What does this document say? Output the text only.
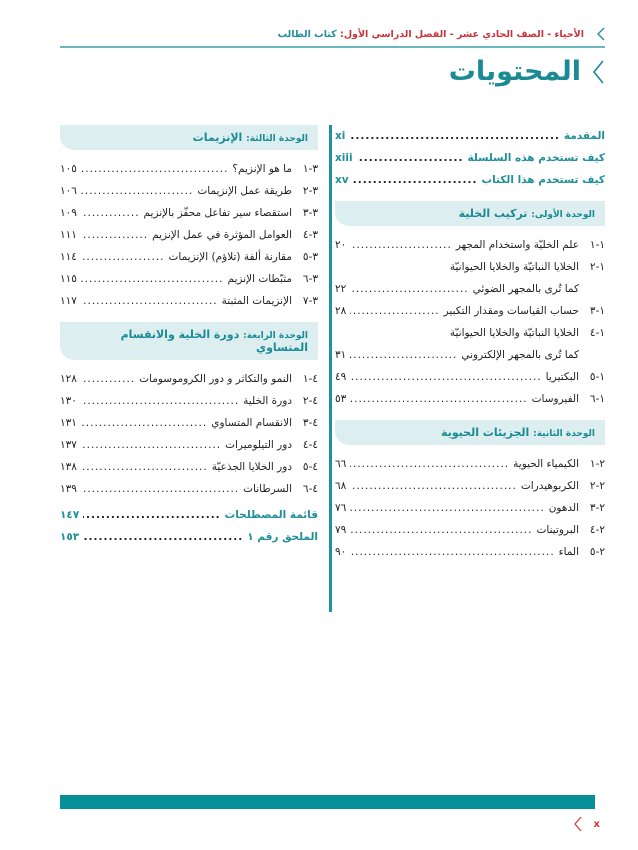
الأحياء - الصف الحادي عشر - الفصل الدراسي الأول: كتاب الطالب
المحتويات
المقدمة
.....
xi
كيف تستخدم هذه السلسلة
.....
xiii
كيف تستخدم هذا الكتاب
.....
xv
الوحدة الأولى: تركيب الخلية
١-١
علم الخليّة واستخدام المجهر
.....
٢٠
١-٢
الخلايا النباتيّة والخلايا الحيوانيّة
كما تُرى بالمجهر الضوئي
.....
٢٢
١-٣
حساب القياسات ومقدار التكبير
.....
٢٨
١-٤
الخلايا النباتيّة والخلايا الحيوانيّة
كما تُرى بالمجهر الإلكتروني
.....
٣١
١-٥
البكتيريا
.....
٤٩
١-٦
الفيروسات
.....
٥٣
الوحدة الثانية: الجزيئات الحيوية
٢-١
الكيمياء الحيوية
.....
٦٦
٢-٢
الكربوهيدرات
.....
٦٨
٢-٣
الدهون
.....
٧٦
٢-٤
البروتينات
.....
٧٩
٢-٥
الماء
.....
٩٠
الوحدة الثالثة: الإنزيمات
٣-١
ما هو الإنزيم؟
.....
١٠٥
٣-٢
طريقة عمل الإنزيمات
.....
١٠٦
٣-٣
استقصاء سير تفاعل محفّز بالإنزيم
.....
١٠٩
٣-٤
العوامل المؤثرة في عمل الإنزيم
.....
١١١
٣-٥
مقارنة ألفة (تلاؤم) الإنزيمات
.....
١١٤
٣-٦
مثبّطات الإنزيم
.....
١١٥
٣-٧
الإنزيمات المثبتة
.....
١١٧
الوحدة الرابعة: دورة الخلية والانقسام المتساوي
٤-١
النمو والتكاثر و دور الكروموسومات
.....
١٢٨
٤-٢
دورة الخلية
.....
١٣٠
٤-٣
الانقسام المتساوي
.....
١٣١
٤-٤
دور التيلوميرات
.....
١٣٧
٤-٥
دور الخلايا الجذعيّة
.....
١٣٨
٤-٦
السرطانات
.....
١٣٩
قائمة المصطلحات
.....
١٤٧
الملحق رقم ١
.....
١٥٣
x
